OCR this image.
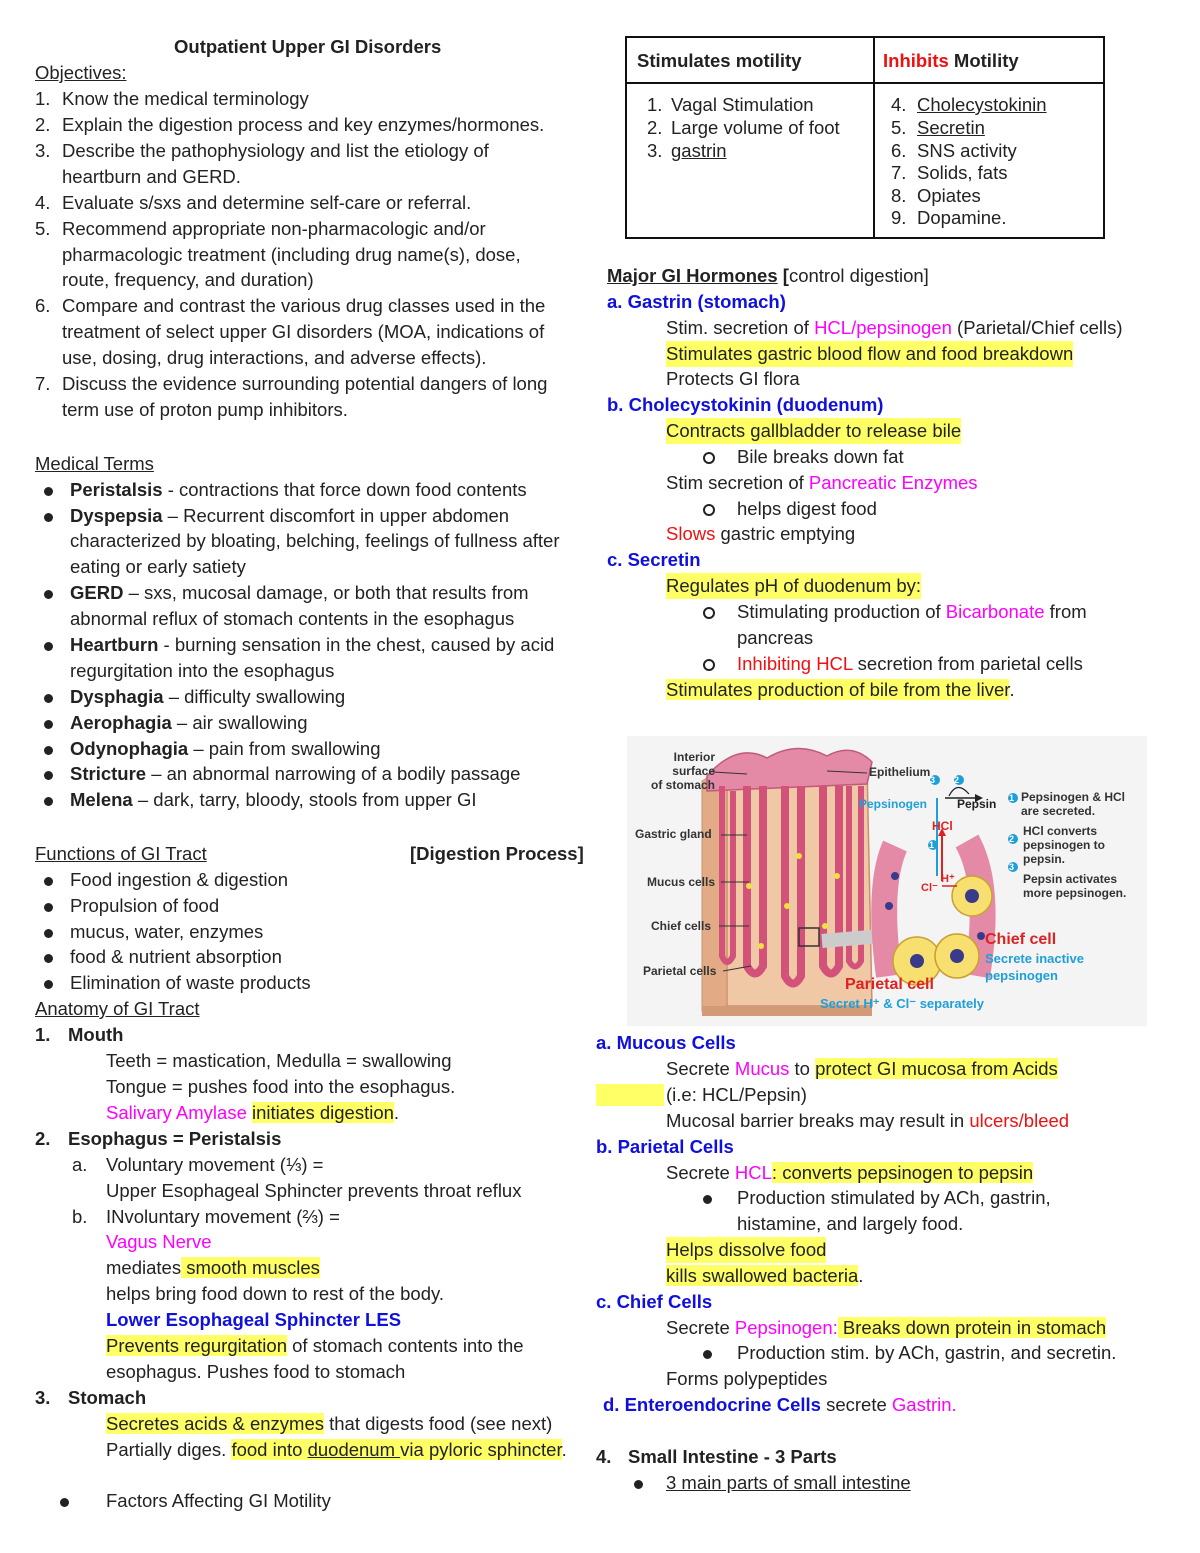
Outpatient Upper GI Disorders
Objectives:
1. Know the medical terminology
2. Explain the digestion process and key enzymes/hormones.
3. Describe the pathophysiology and list the etiology of
heartburn and GERD.
4. Evaluate s/sxs and determine self-care or referral.
5. Recommend appropriate non-pharmacologic and/or
pharmacologic treatment (including drug name(s), dose,
route, frequency, and duration)
6. Compare and contrast the various drug classes used in the
treatment of select upper GI disorders (MOA, indications of
use, dosing, drug interactions, and adverse effects).
7. Discuss the evidence surrounding potential dangers of long
term use of proton pump inhibitors.
Medical Terms
Peristalsis - contractions that force down food contents
Dyspepsia – Recurrent discomfort in upper abdomen
characterized by bloating, belching, feelings of fullness after
eating or early satiety
GERD – sxs, mucosal damage, or both that results from
abnormal reflux of stomach contents in the esophagus
Heartburn - burning sensation in the chest, caused by acid
regurgitation into the esophagus
Dysphagia – difficulty swallowing
Aerophagia – air swallowing
Odynophagia – pain from swallowing
Stricture – an abnormal narrowing of a bodily passage
Melena – dark, tarry, bloody, stools from upper GI
Functions of GI Tract	[Digestion Process]
Food ingestion & digestion
Propulsion of food
mucus, water, enzymes
food & nutrient absorption
Elimination of waste products
Anatomy of GI Tract
1. Mouth
Teeth = mastication, Medulla = swallowing
Tongue = pushes food into the esophagus.
Salivary Amylase initiates digestion.
2. Esophagus = Peristalsis
a. Voluntary movement (⅓) =
Upper Esophageal Sphincter prevents throat reflux
b. INvoluntary movement (⅔) =
Vagus Nerve
mediates smooth muscles
helps bring food down to rest of the body.
Lower Esophageal Sphincter LES
Prevents regurgitation of stomach contents into the
esophagus. Pushes food to stomach
3. Stomach
Secretes acids & enzymes that digests food (see next)
Partially diges. food into duodenum via pyloric sphincter.
Factors Affecting GI Motility
Stimulates motility	Inhibits Motility
1. Vagal Stimulation
2. Large volume of foot
3. gastrin
4. Cholecystokinin
5. Secretin
6. SNS activity
7. Solids, fats
8. Opiates
9. Dopamine.
Major GI Hormones [control digestion]
a. Gastrin (stomach)
Stim. secretion of HCL/pepsinogen (Parietal/Chief cells)
Stimulates gastric blood flow and food breakdown
Protects GI flora
b. Cholecystokinin (duodenum)
Contracts gallbladder to release bile
Bile breaks down fat
Stim secretion of Pancreatic Enzymes
helps digest food
Slows gastric emptying
c. Secretin
Regulates pH of duodenum by:
Stimulating production of Bicarbonate from
pancreas
Inhibiting HCL secretion from parietal cells
Stimulates production of bile from the liver.
Interior
surface
of stomach
Gastric gland
Mucus cells
Chief cells
Parietal cells
Epithelium
Pepsinogen Pepsin
HCl
H⁺
Cl⁻
3 2
1
1
2
3
Pepsinogen & HCl
are secreted.
HCl converts
pepsinogen to
pepsin.
Pepsin activates
more pepsinogen.
Chief cell
Secrete inactive
pepsinogen
Parietal cell
Secret H⁺ & Cl⁻ separately
a. Mucous Cells
Secrete Mucus to protect GI mucosa from Acids
(i.e: HCL/Pepsin)
Mucosal barrier breaks may result in ulcers/bleed
b. Parietal Cells
Secrete HCL: converts pepsinogen to pepsin
Production stimulated by ACh, gastrin,
histamine, and largely food.
Helps dissolve food
kills swallowed bacteria.
c. Chief Cells
Secrete Pepsinogen: Breaks down protein in stomach
Production stim. by ACh, gastrin, and secretin.
Forms polypeptides
d. Enteroendocrine Cells secrete Gastrin.
4. Small Intestine - 3 Parts
3 main parts of small intestine
